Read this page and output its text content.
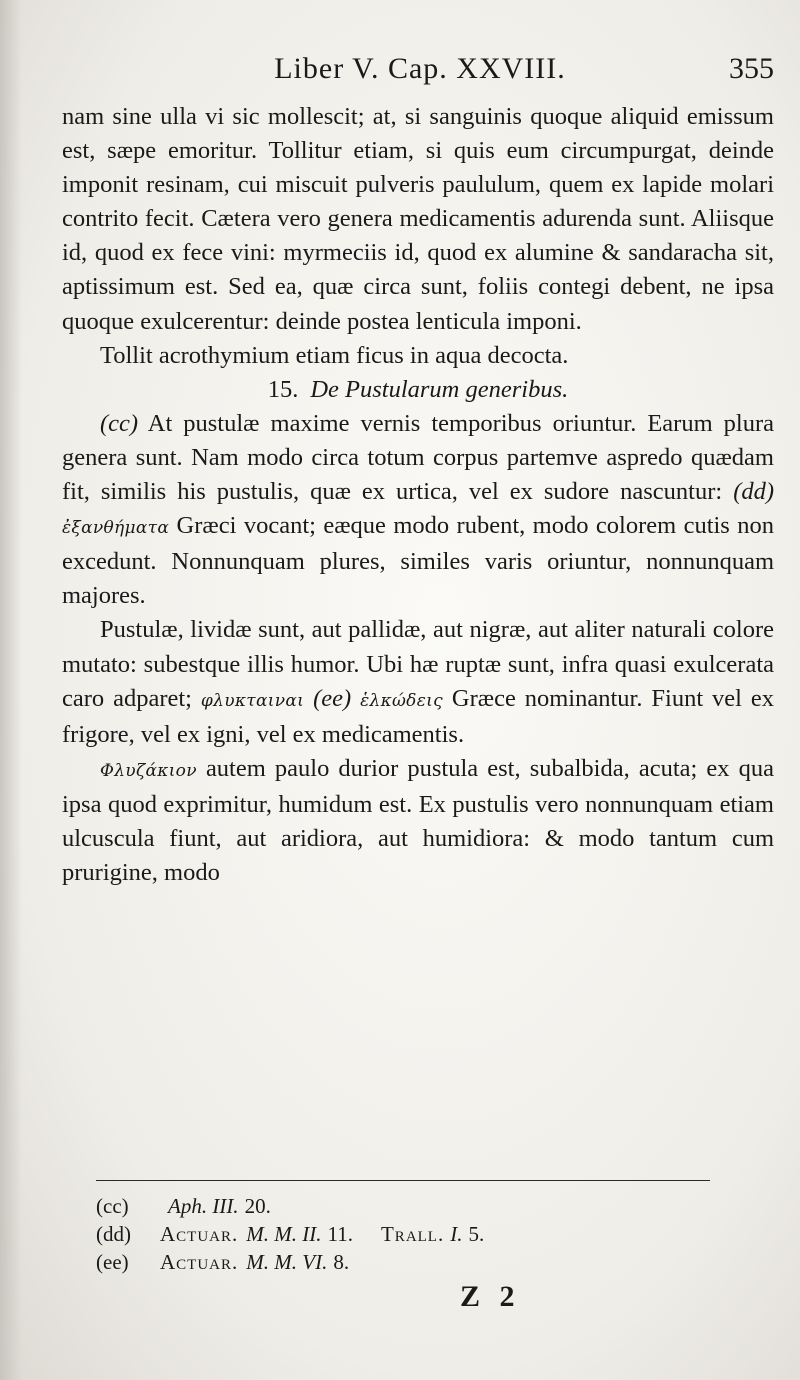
Liber V. Cap. XXVIII.	355

nam sine ulla vi sic mollescit; at, si sanguinis quoque aliquid emissum est, sæpe emoritur. Tollitur etiam, si quis eum circumpurgat, deinde imponit resinam, cui miscuit pulveris paululum, quem ex lapide molari contrito fecit. Cætera vero genera medicamentis adurenda sunt. Aliisque id, quod ex fece vini: myrmeciis id, quod ex alumine & sandaracha sit, aptissimum est. Sed ea, quæ circa sunt, foliis contegi debent, ne ipsa quoque exulcerentur: deinde postea lenticula imponi.

Tollit acrothymium etiam ficus in aqua decocta.

15. De Pustularum generibus.

(cc) At pustulæ maxime vernis temporibus oriuntur. Earum plura genera sunt. Nam modo circa totum corpus partemve aspredo quædam fit, similis his pustulis, quæ ex urtica, vel ex sudore nascuntur: (dd) ἐξανθήματα Græci vocant; eæque modo rubent, modo colorem cutis non excedunt. Nonnunquam plures, similes varis oriuntur, nonnunquam majores.

Pustulæ, lividæ sunt, aut pallidæ, aut nigræ, aut aliter naturali colore mutato: subestque illis humor. Ubi hæ ruptæ sunt, infra quasi exulcerata caro adparet; φλυκταιναι (ee) ἑλκώδεις Græce nominantur. Fiunt vel ex frigore, vel ex igni, vel ex medicamentis.

Φλυζάκιον autem paulo durior pustula est, subalbida, acuta; ex qua ipsa quod exprimitur, humidum est. Ex pustulis vero nonnunquam etiam ulcuscula fiunt, aut aridiora, aut humidiora: & modo tantum cum prurigine, modo

(cc) Aph. III. 20.
(dd) Actuar. M. M. II. 11. Trall. I. 5.
(ee) Actuar. M. M. VI. 8.
Z 2
